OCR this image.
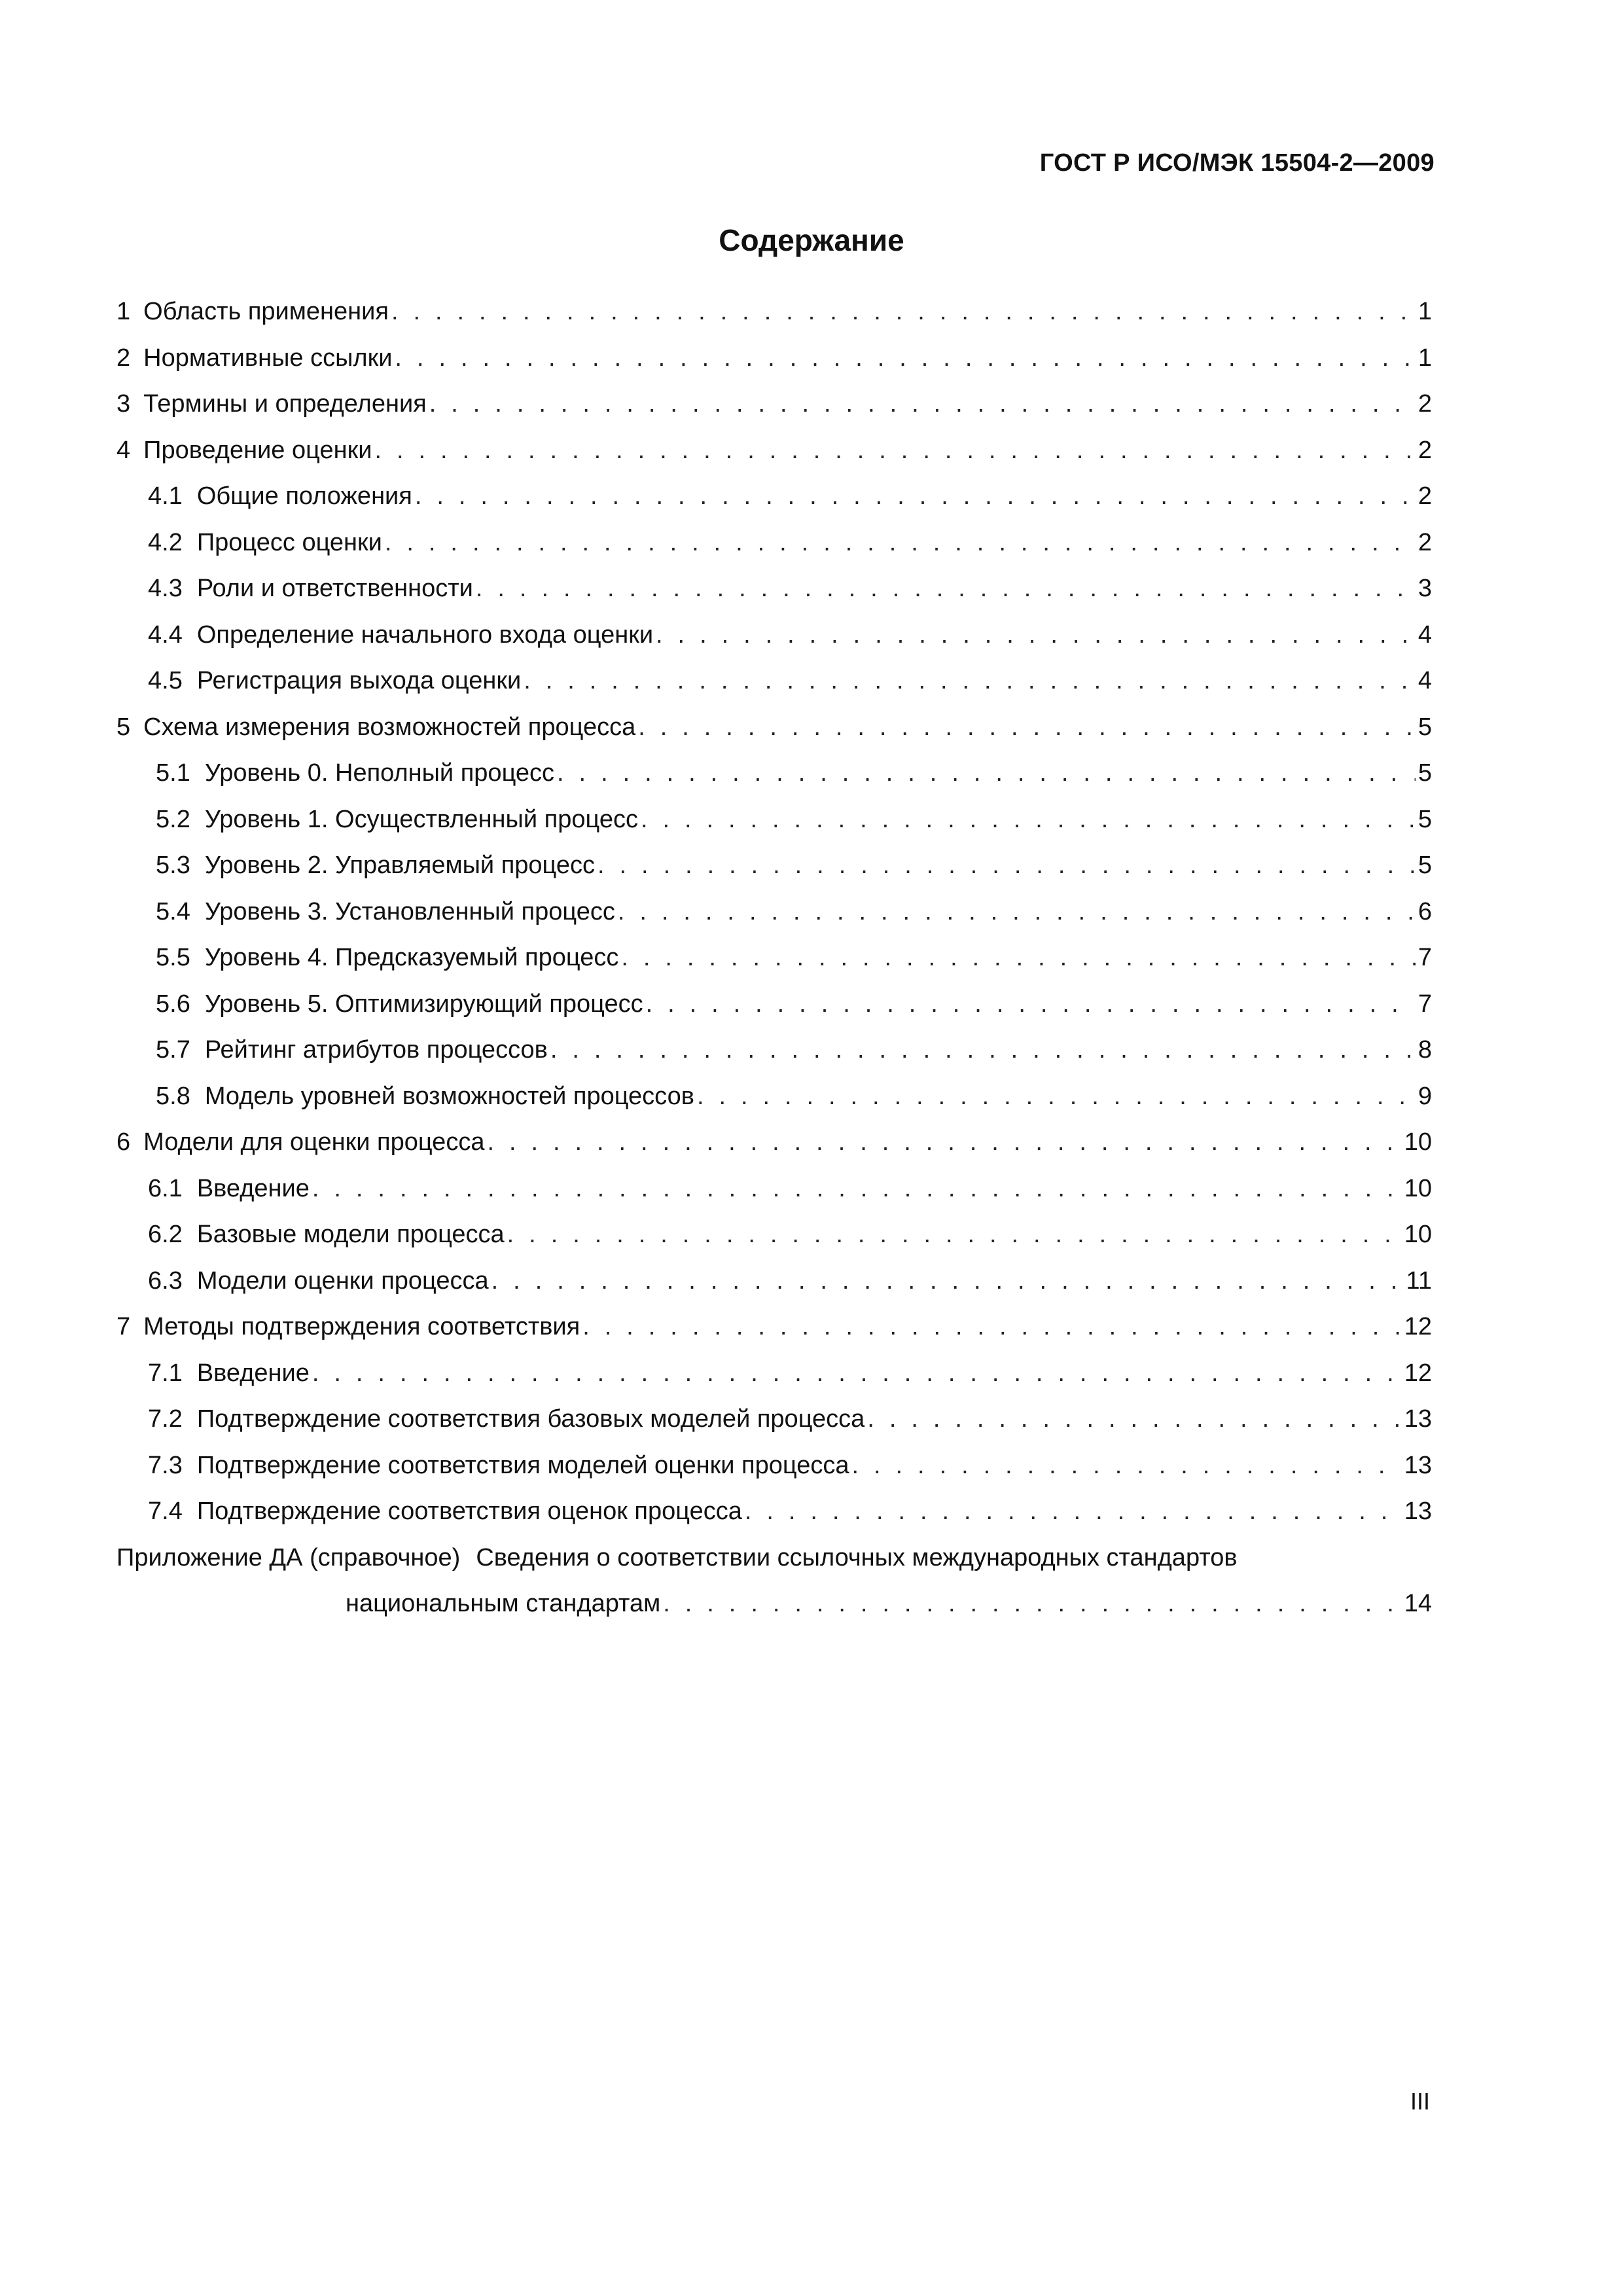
ГОСТ Р ИСО/МЭК 15504-2—2009
Содержание
1 Область применения . . .	1
2 Нормативные ссылки . . .	1
3 Термины и определения . . .	2
4 Проведение оценки . . .	2
4.1 Общие положения . . .	2
4.2 Процесс оценки . . .	2
4.3 Роли и ответственности . . .	3
4.4 Определение начального входа оценки . . .	4
4.5 Регистрация выхода оценки . . .	4
5 Схема измерения возможностей процесса . . .	5
5.1 Уровень 0. Неполный процесс . . .	5
5.2 Уровень 1. Осуществленный процесс . . .	5
5.3 Уровень 2. Управляемый процесс . . .	5
5.4 Уровень 3. Установленный процесс . . .	6
5.5 Уровень 4. Предсказуемый процесс . . .	7
5.6 Уровень 5. Оптимизирующий процесс . . .	7
5.7 Рейтинг атрибутов процессов . . .	8
5.8 Модель уровней возможностей процессов . . .	9
6 Модели для оценки процесса . . .	10
6.1 Введение . . .	10
6.2 Базовые модели процесса . . .	10
6.3 Модели оценки процесса . . .	11
7 Методы подтверждения соответствия . . .	12
7.1 Введение . . .	12
7.2 Подтверждение соответствия базовых моделей процесса . . .	13
7.3 Подтверждение соответствия моделей оценки процесса . . .	13
7.4 Подтверждение соответствия оценок процесса . . .	13
Приложение ДА (справочное) Сведения о соответствии ссылочных международных стандартов
национальным стандартам . . .	14
III
